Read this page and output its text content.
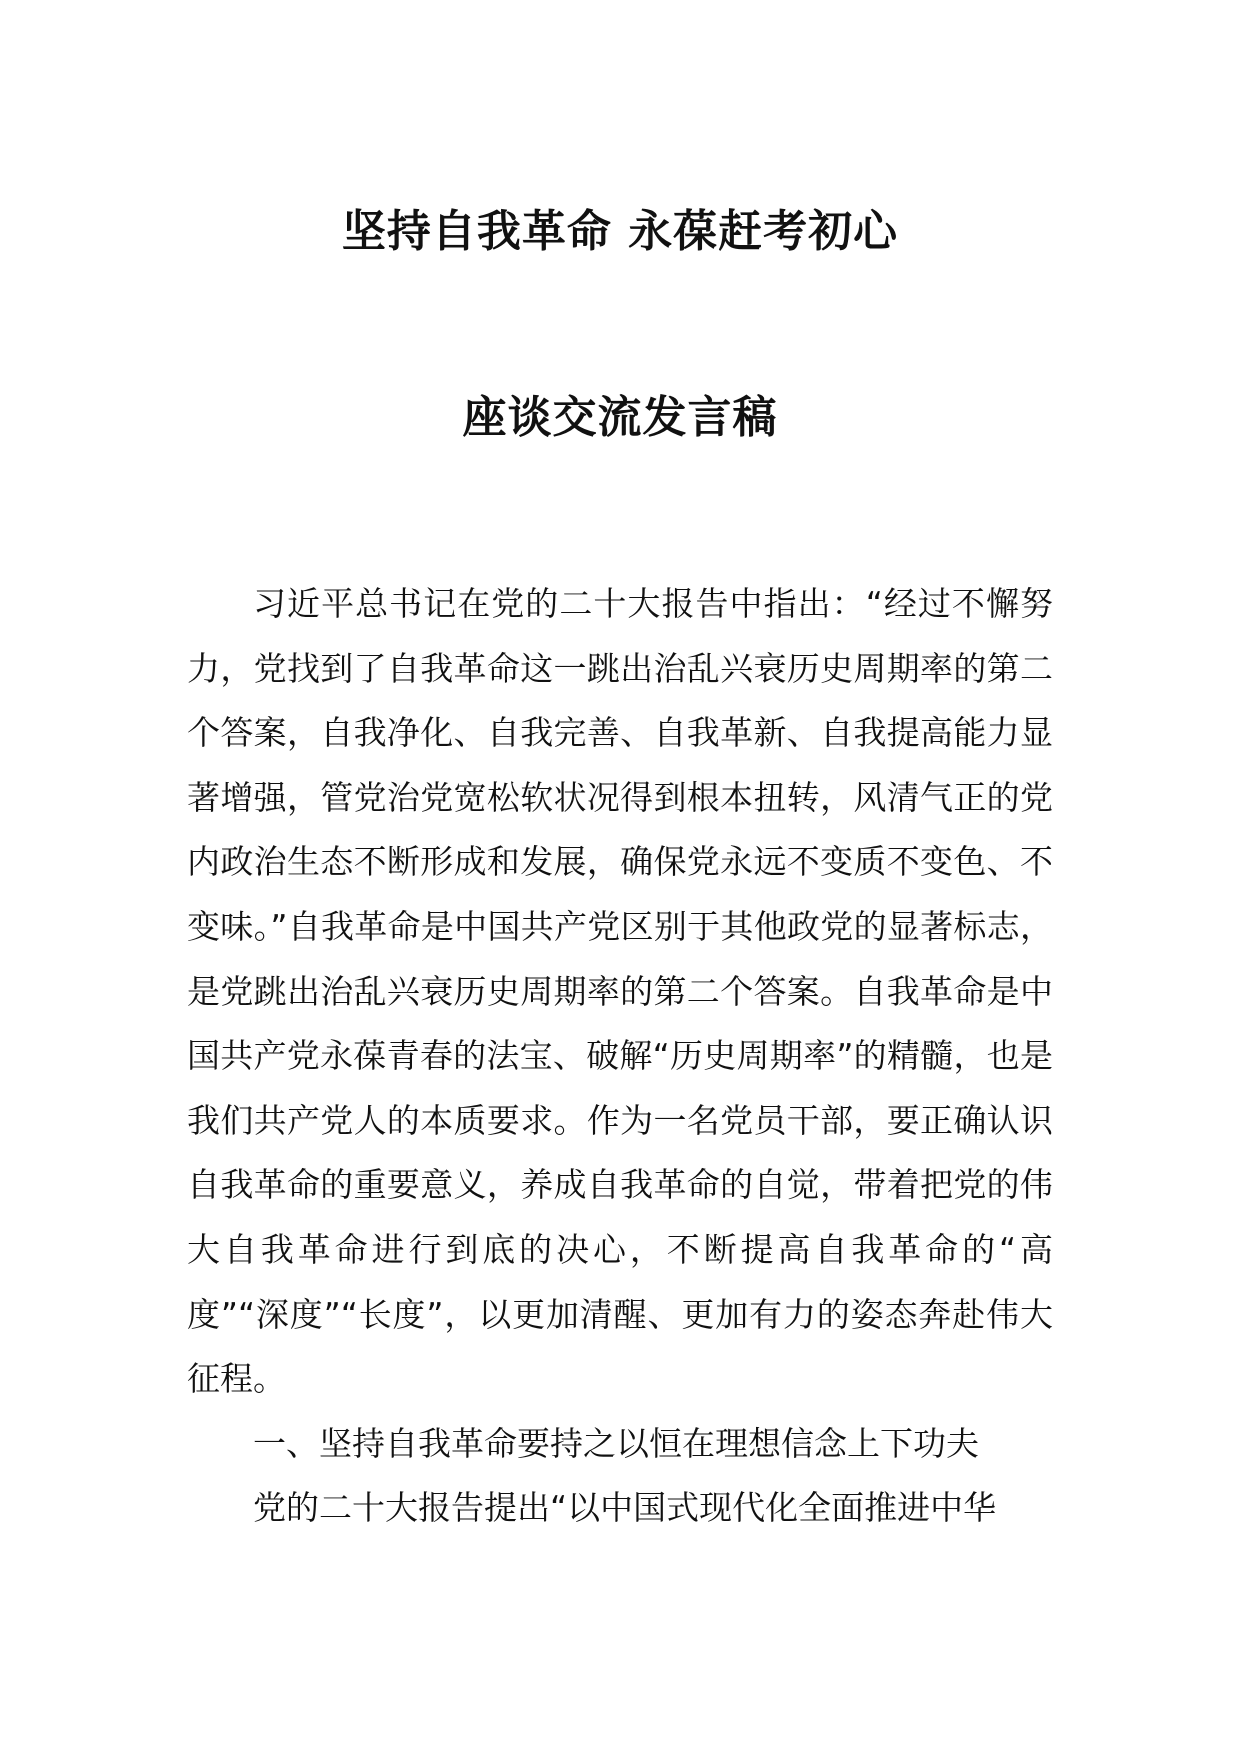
坚持自我革命 永葆赶考初心
座谈交流发言稿

习近平总书记在党的二十大报告中指出：“经过不懈努力，党找到了自我革命这一跳出治乱兴衰历史周期率的第二个答案，自我净化、自我完善、自我革新、自我提高能力显著增强，管党治党宽松软状况得到根本扭转，风清气正的党内政治生态不断形成和发展，确保党永远不变质不变色、不变味。”自我革命是中国共产党区别于其他政党的显著标志，是党跳出治乱兴衰历史周期率的第二个答案。自我革命是中国共产党永葆青春的法宝、破解“历史周期率”的精髓，也是我们共产党人的本质要求。作为一名党员干部，要正确认识自我革命的重要意义，养成自我革命的自觉，带着把党的伟大自我革命进行到底的决心，不断提高自我革命的“高度”“深度”“长度”，以更加清醒、更加有力的姿态奔赴伟大征程。

一、坚持自我革命要持之以恒在理想信念上下功夫

党的二十大报告提出“以中国式现代化全面推进中华
